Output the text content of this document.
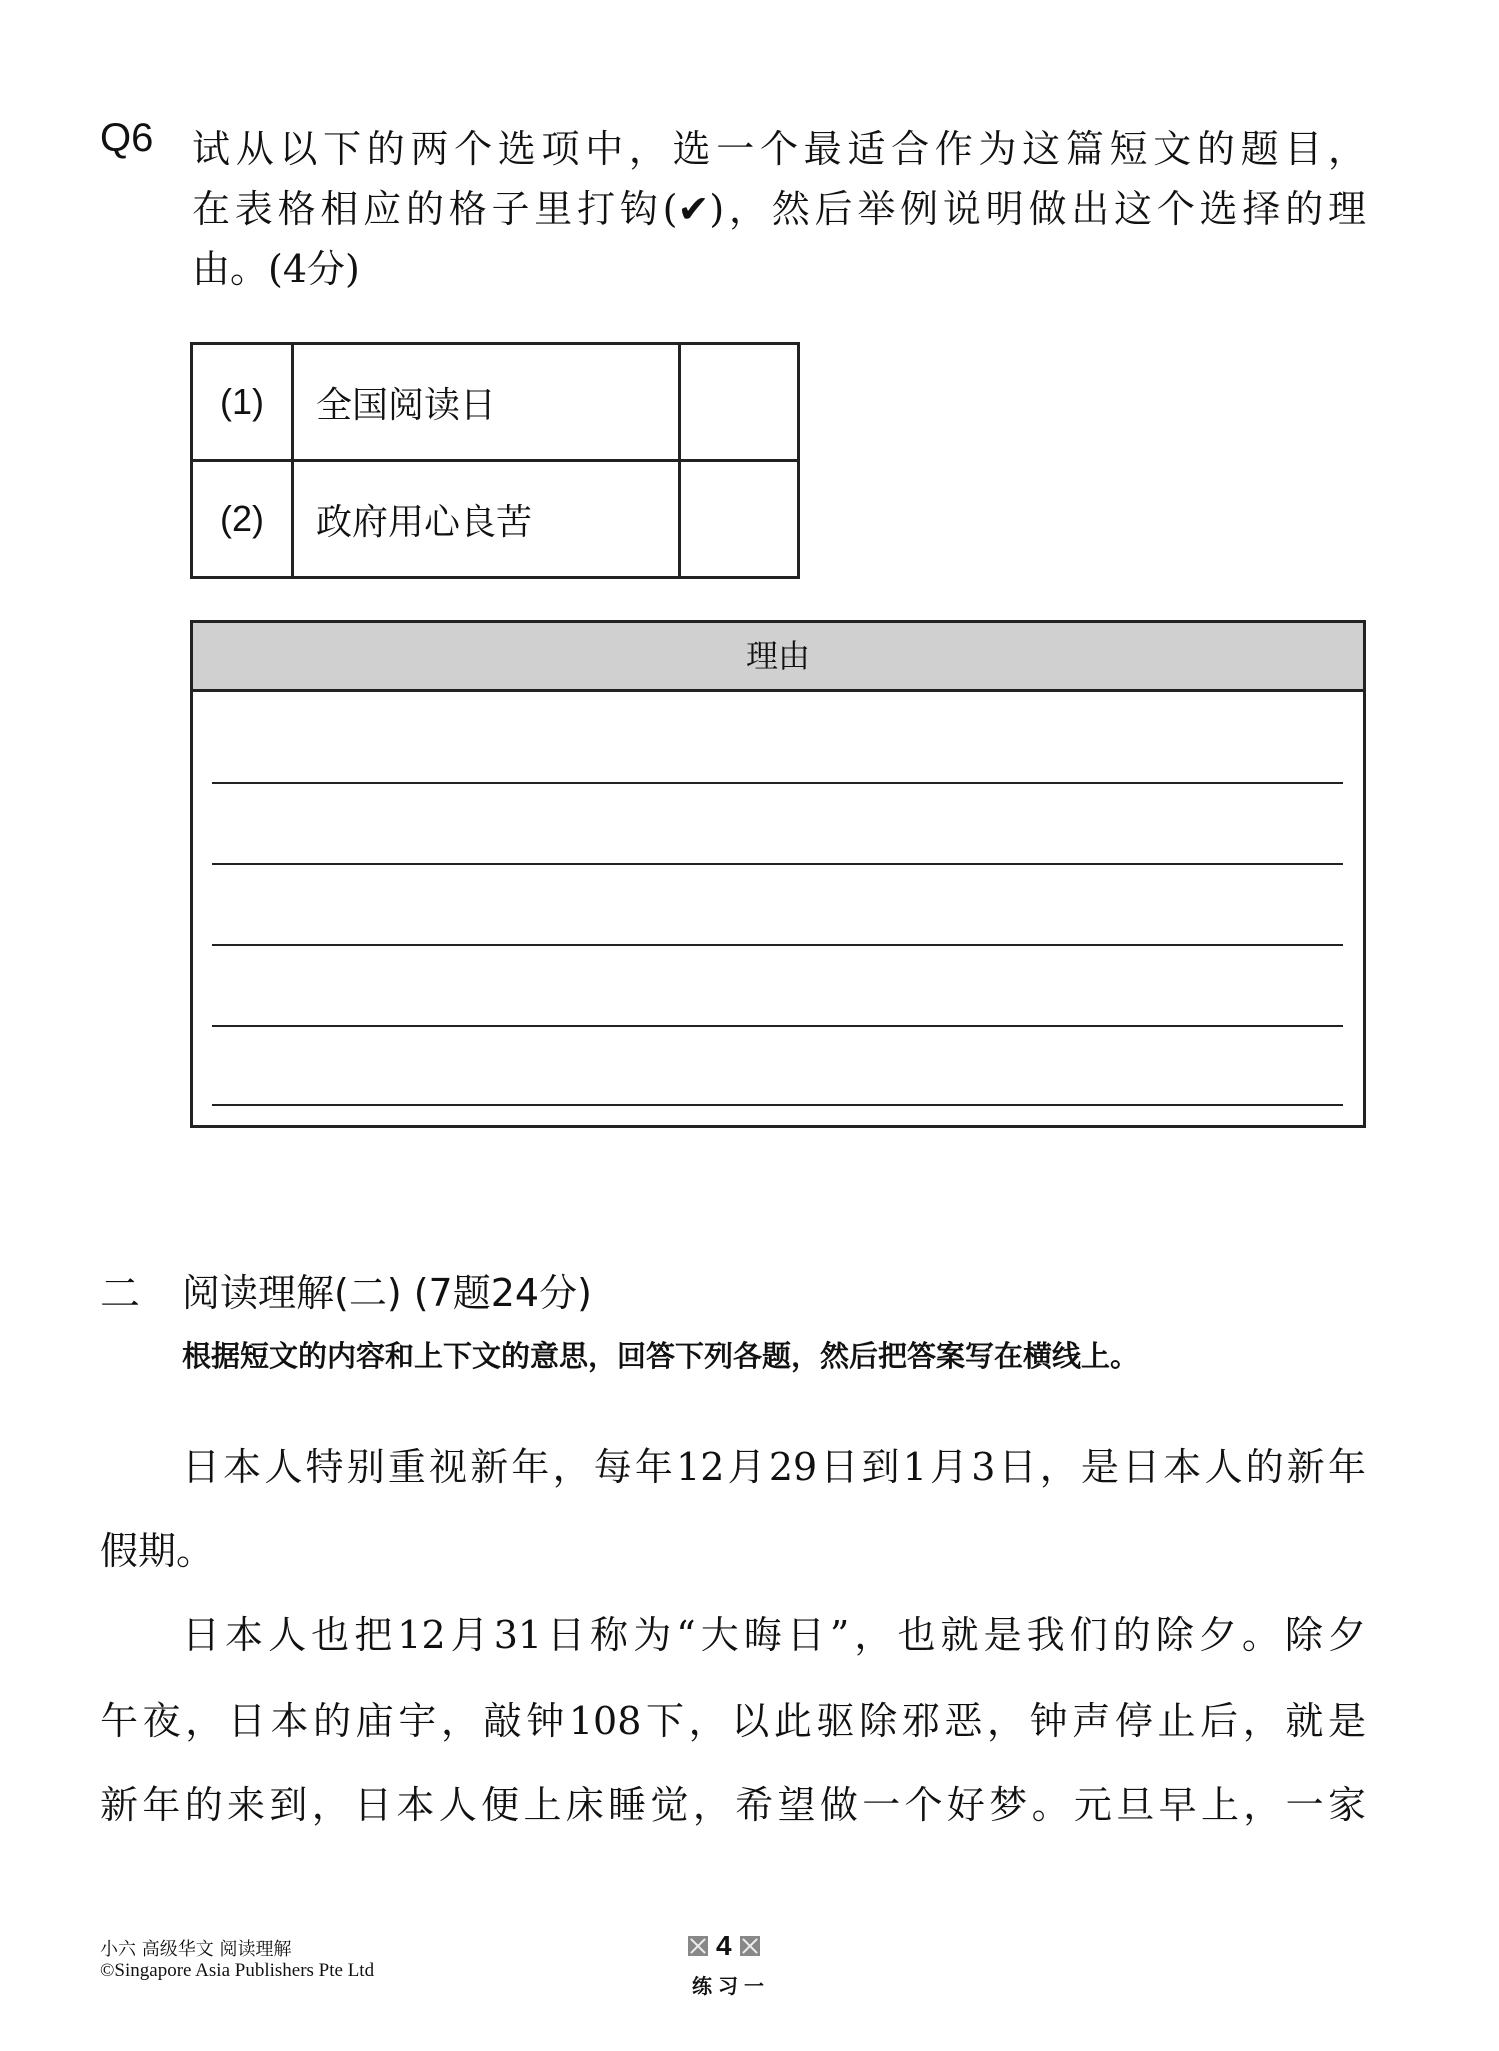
Q6 试从以下的两个选项中，选一个最适合作为这篇短文的题目，
在表格相应的格子里打钩(✔)，然后举例说明做出这个选择的理
由。(4分)
(1)	全国阅读日	
(2)	政府用心良苦	
理由
二 阅读理解(二) (7题24分)
根据短文的内容和上下文的意思，回答下列各题，然后把答案写在横线上。
日本人特别重视新年，每年12月29日到1月3日，是日本人的新年
假期。
日本人也把12月31日称为“大晦日”，也就是我们的除夕。除夕
午夜，日本的庙宇，敲钟108下，以此驱除邪恶，钟声停止后，就是
新年的来到，日本人便上床睡觉，希望做一个好梦。元旦早上，一家
小六 高级华文 阅读理解
©Singapore Asia Publishers Pte Ltd
4
练习一
